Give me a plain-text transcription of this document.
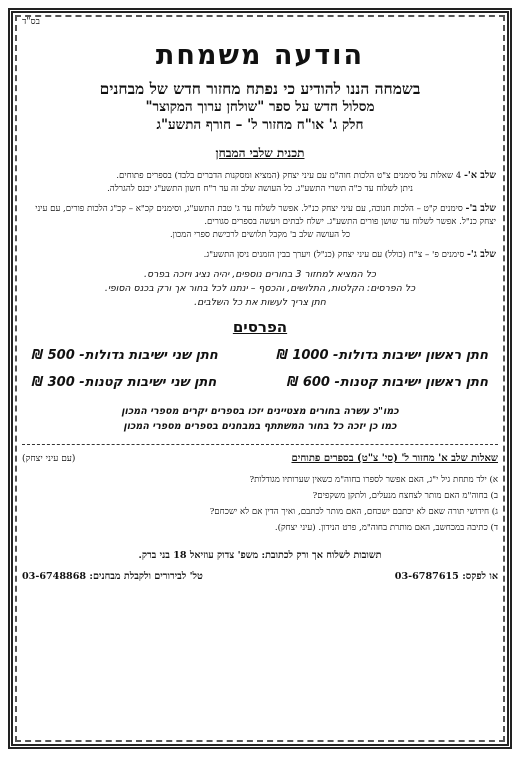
בס"ד
הודעה משמחת
בשמחה הננו להודיע כי נפתח מחזור חדש של מבחנים
מסלול חדש על ספר "שולחן ערוך המקוצר"
חלק ג' או"ח מחזור ל' – חורף התשע"ג
תכנית שלבי המבחן
שלב א'- 4 שאלות על סימנים צ"ט הלכות חוה"מ עם עיני יצחק (המציא ומסקנות הדברים בלבד) בספרים פתוחים.
ניתן לשלוח עד כ"ה תשרי התשע"ג. כל העושה שלב זה עד ר"ח חשון התשע"ג יכנס להגרלה.
שלב ב'- סימנים ק"ט – הלכות חנוכה, עם עיני יצחק כנ"ל. אפשר לשלוח עד ג' טבת התשע"ג, וסימנים קכ"א – קכ"ג הלכות פורים, עם עיני יצחק כנ"ל. אפשר לשלוח עד שושן פורים התשע"ג. ישלח לבתים ויעשה בספרים סגורים.
כל העושה שלב ב' מקבל תלושים לרכישת ספרי המכון.
שלב ג'- סימנים פ' – צ"ח (כולל) עם עיני יצחק (כנ"ל) ויערך בבין הזמנים ניסן התשע"ג.
כל המציא למחזור 3 בחורים נוספים, יהיה נציג ויזכה בפרס.
כל הפרסים: הקלטות, התלושים, והכסף – ינתנו לכל בחור אך ורק בכנס הסופי.
חתן צריך לעשות את כל השלבים.
הפרסים
חתן ראשון ישיבות גדולות- 1000 ₪
חתן שני ישיבות גדולות- 500 ₪
חתן ראשון ישיבות קטנות- 600 ₪
חתן שני ישיבות קטנות- 300 ₪
כמו"כ עשרה בחורים מצטיינים יזכו בספרים יקרים מספרי המכון
כמו כן יזכה כל בחור המשתתף במבחנים בספרים מספרי המכון
שאלות שלב א' מחזור ל' (סי' צ"ט) בספרים פתוחים
(עם עיני יצחק)
א) ילד מתחת גיל י"ג, האם אפשר לספרו בחוה"מ כשאין שערותיו מגודלות?
ב) בחוה"מ האם מותר לצחצח מנעלים, ולתקן משקפים?
ג) חידושי תורה שאם לא יכתבם ישכחם, האם מותר לכתבם, ואיך הדין אם לא ישכחם?
ד) כתיבה במכחשב, האם מותרת בחוה"מ, פרט הנידון. (עיני יצחק).
תשובות לשלוח אך ורק לכתובת: משפ' צדוק עוזיאל 18 בני ברק.
או לפקס: 03-6787615
טל' לבירורים ולקבלת מבחנים: 03-6748868
